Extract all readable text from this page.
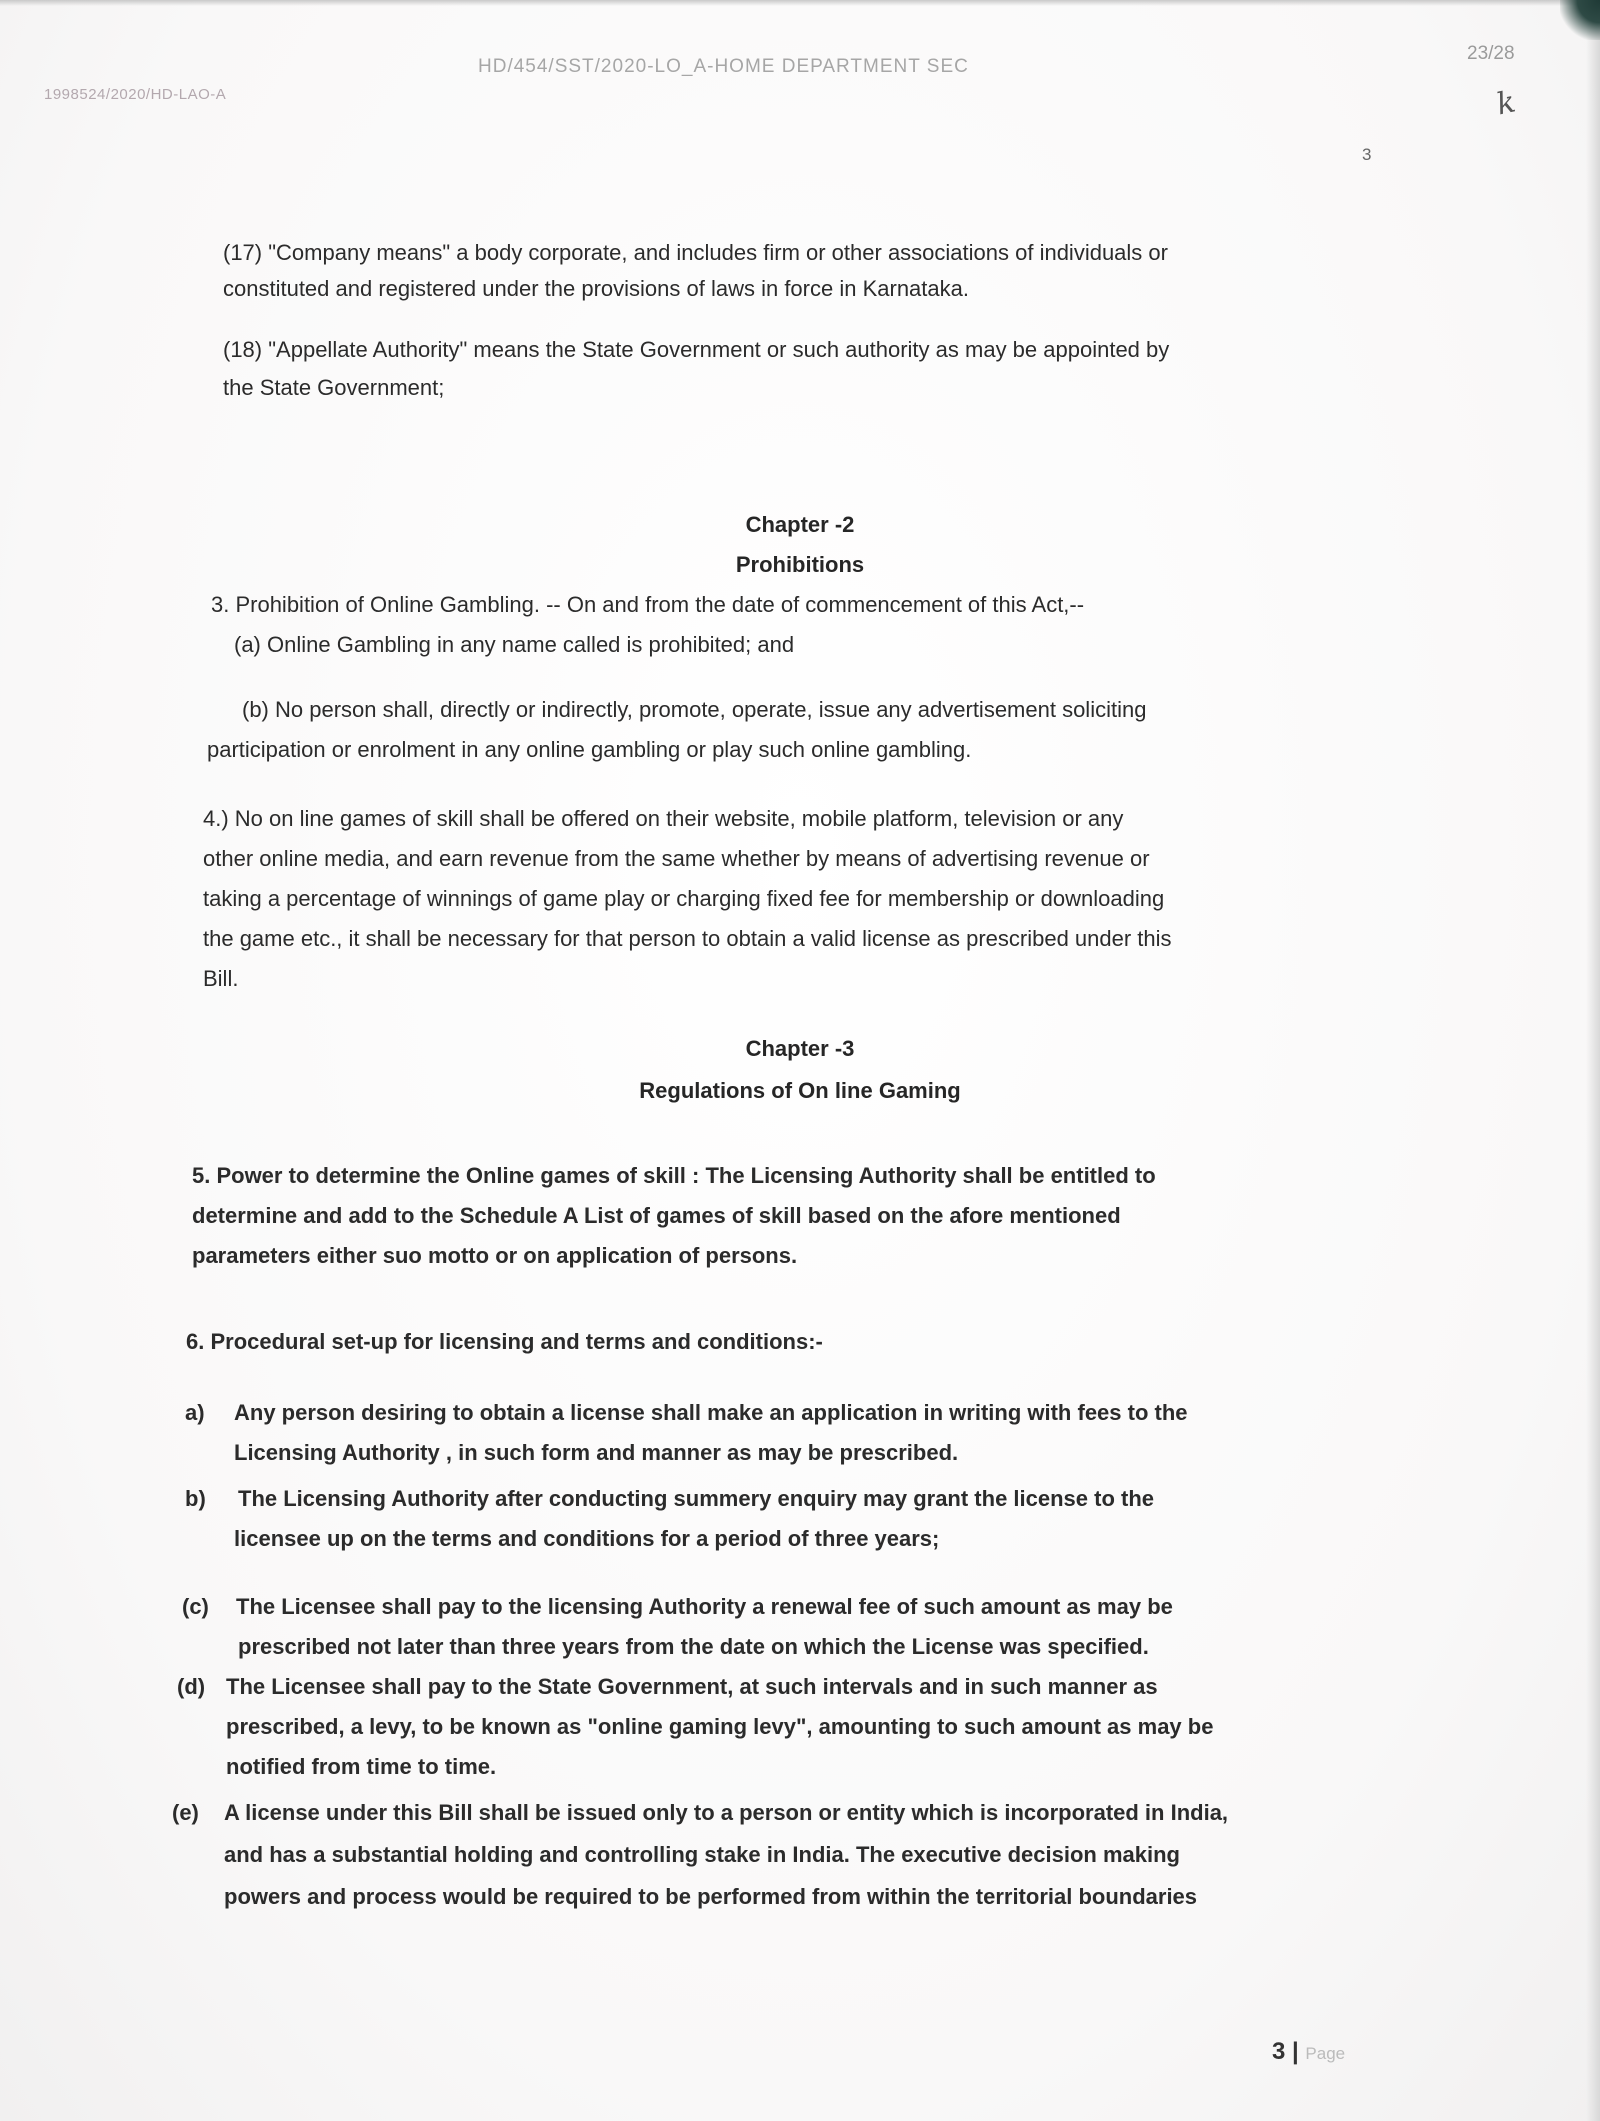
HD/454/SST/2020-LO_A-HOME DEPARTMENT SEC
1998524/2020/HD-LAO-A
23/28
k
3
(17) "Company means" a body corporate, and includes firm or other associations of individuals or
constituted and registered under the provisions of laws in force in Karnataka.
(18) "Appellate Authority" means the State Government or such authority as may be appointed by
the State Government;
Chapter -2
Prohibitions
3. Prohibition of Online Gambling. -- On and from the date of commencement of this Act,--
(a) Online Gambling in any name called is prohibited; and
(b) No person shall, directly or indirectly, promote, operate, issue any advertisement soliciting
participation or enrolment in any online gambling or play such online gambling.
4.) No on line games of skill shall be offered on their website, mobile platform, television or any
other online media, and earn revenue from the same whether by means of advertising revenue or
taking a percentage of winnings of game play or charging fixed fee for membership or downloading
the game etc., it shall be necessary for that person to obtain a valid license as prescribed under this
Bill.
Chapter -3
Regulations of On line Gaming
5. Power to determine the Online games of skill : The Licensing Authority shall be entitled to
determine and add to the Schedule A List of games of skill based on the afore mentioned
parameters either suo motto or on application of persons.
6. Procedural set-up for licensing and terms and conditions:-
a) Any person desiring to obtain a license shall make an application in writing with fees to the
Licensing Authority , in such form and manner as may be prescribed.
b) The Licensing Authority after conducting summery enquiry may grant the license to the
licensee up on the terms and conditions for a period of three years;
(c) The Licensee shall pay to the licensing Authority a renewal fee of such amount as may be
prescribed not later than three years from the date on which the License was specified.
(d) The Licensee shall pay to the State Government, at such intervals and in such manner as
prescribed, a levy, to be known as "online gaming levy", amounting to such amount as may be
notified from time to time.
(e) A license under this Bill shall be issued only to a person or entity which is incorporated in India,
and has a substantial holding and controlling stake in India. The executive decision making
powers and process would be required to be performed from within the territorial boundaries
3 | Page
